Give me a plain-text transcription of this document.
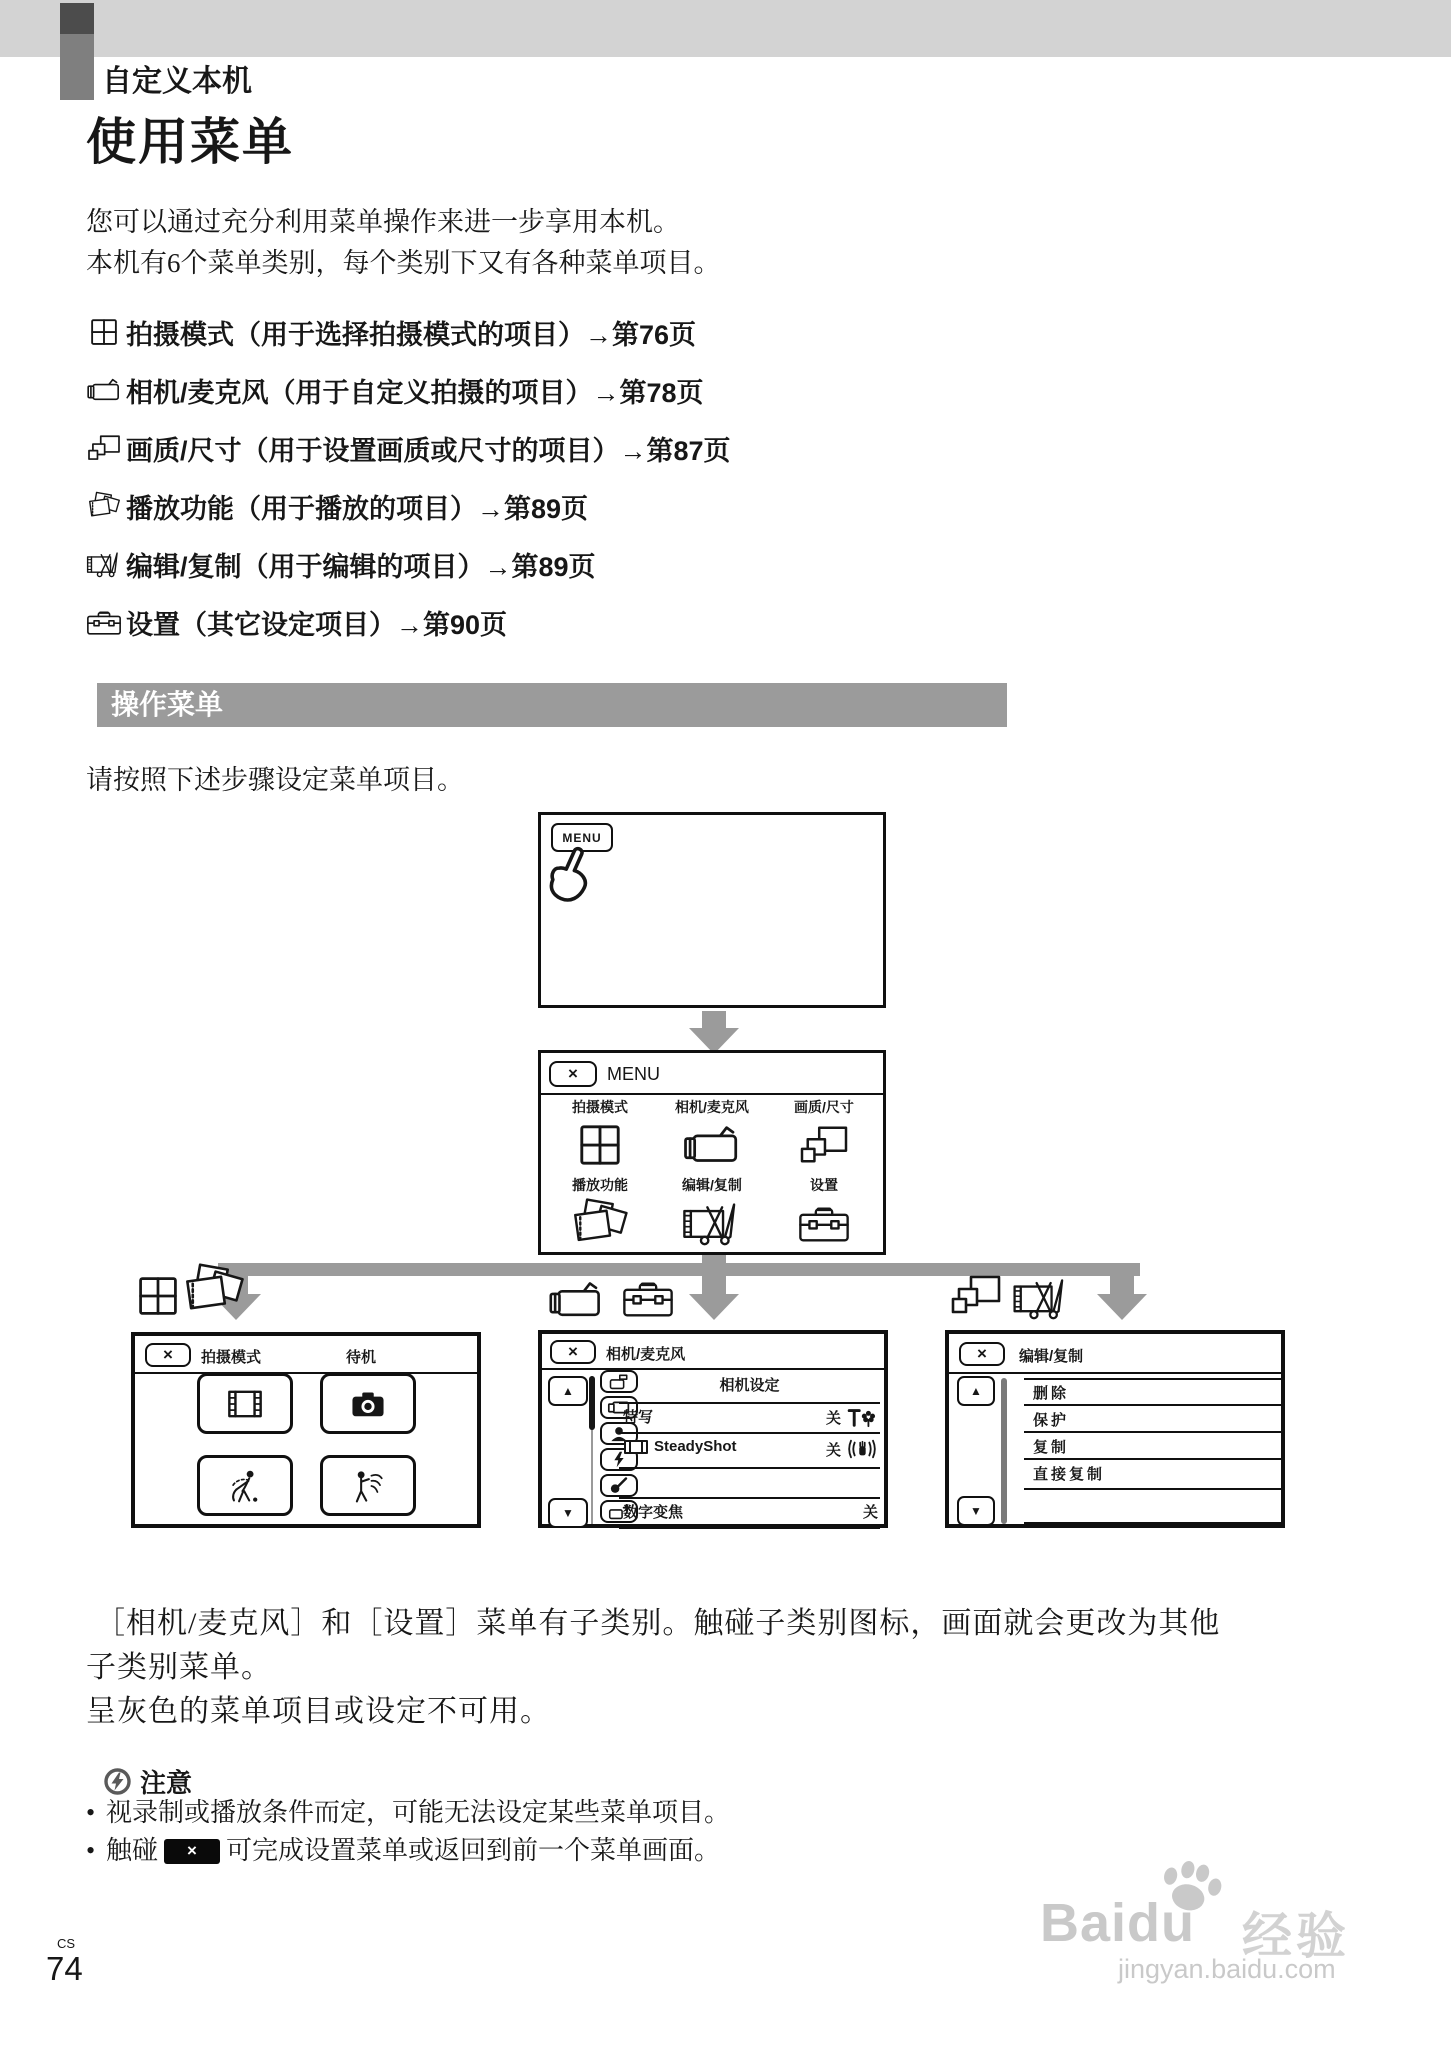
自定义本机
使用菜单
您可以通过充分利用菜单操作来进一步享用本机。
本机有6个菜单类别，每个类别下又有各种菜单项目。
拍摄模式（用于选择拍摄模式的项目）→第76页
相机/麦克风（用于自定义拍摄的项目）→第78页
画质/尺寸（用于设置画质或尺寸的项目）→第87页
播放功能（用于播放的项目）→第89页
编辑/复制（用于编辑的项目）→第89页
设置（其它设定项目）→第90页
操作菜单
请按照下述步骤设定菜单项目。
MENU
×	MENU
拍摄模式	相机/麦克风	画质/尺寸
播放功能	编辑/复制	设置
×	拍摄模式	待机	×	相机/麦克风
▲
▼
相机设定
特写	关
SteadyShot	关
数字变焦	关
×	编辑/复制
▲
▼
删除
保护
复制
直接复制
［相机/麦克风］和［设置］菜单有子类别。触碰子类别图标，画面就会更改为其他
子类别菜单。
呈灰色的菜单项目或设定不可用。
注意
• 视录制或播放条件而定，可能无法设定某些菜单项目。
• 触碰	×	可完成设置菜单或返回到前一个菜单画面。
CS
74
Baidu 经验
jingyan.baidu.com
